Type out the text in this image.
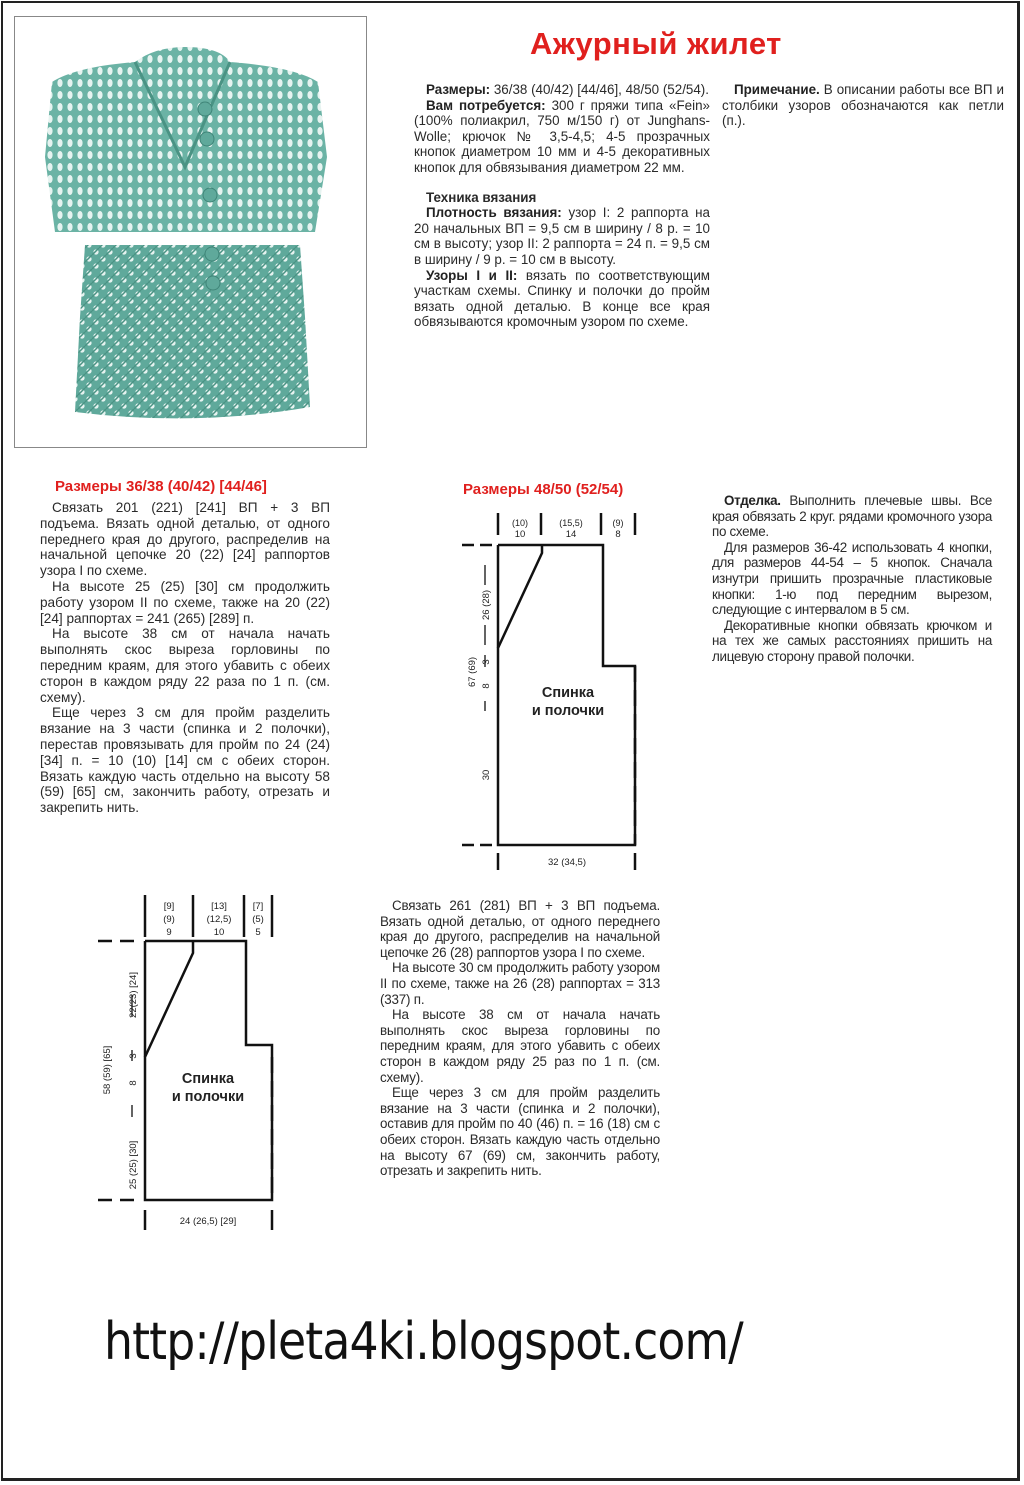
Ажурный жилет

Размеры: 36/38 (40/42) [44/46], 48/50 (52/54).

Вам потребуется: 300 г пряжи типа «Fein» (100% полиакрил, 750 м/150 г) от Junghans-Wolle; крючок № 3,5-4,5; 4-5 прозрачных кнопок диаметром 10 мм и 4-5 декоративных кнопок для обвязывания диаметром 22 мм.

Техника вязания

Плотность вязания: узор I: 2 раппорта на 20 начальных ВП = 9,5 см в ширину / 8 р. = 10 см в высоту; узор II: 2 раппорта = 24 п. = 9,5 см в ширину / 9 р. = 10 см в высоту.

Узоры I и II: вязать по соответствующим участкам схемы. Спинку и полочки до пройм вязать одной деталью. В конце все края обвязываются кромочным узором по схеме.

Примечание. В описании работы все ВП и столбики узоров обозначаются как петли (п.).

Размеры 36/38 (40/42) [44/46]

Связать 201 (221) [241] ВП + 3 ВП подъема. Вязать одной деталью, от одного переднего края до другого, распределив на начальной цепочке 20 (22) [24] раппортов узора I по схеме.

На высоте 25 (25) [30] см продолжить работу узором II по схеме, также на 20 (22) [24] раппортах = 241 (265) [289] п.

На высоте 38 см от начала начать выполнять скос выреза горловины по передним краям, для этого убавить с обеих сторон в каждом ряду 22 раза по 1 п. (см. схему).

Еще через 3 см для пройм разделить вязание на 3 части (спинка и 2 полочки), перестав провязывать для пройм по 24 (24) [34] п. = 10 (10) [14] см с обеих сторон. Вязать каждую часть отдельно на высоту 58 (59) [65] см, закончить работу, отрезать и закрепить нить.

Размеры 48/50 (52/54)
(10)
10
(15,5)
14
(9)
8
26 (28)
3
67 (69) 8
30
Спинка
и полочки
32 (34,5)

Отделка. Выполнить плечевые швы. Все края обвязать 2 круг. рядами кромочного узора по схеме.

Для размеров 36-42 использовать 4 кнопки, для размеров 44-54 – 5 кнопок. Сначала изнутри пришить прозрачные пластиковые кнопки: 1-ю под передним вырезом, следующие с интервалом в 5 см.

Декоративные кнопки обвязать крючком и на тех же самых расстояниях пришить на лицевую сторону правой полочки.

[9]
(9)
9
[13]
(12,5)
10
[7]
(5)
5
22(23) [24]
3
58 (59) [65] 8
25 (25) [30]
Спинка
и полочки
24 (26,5) [29]

Связать 261 (281) ВП + 3 ВП подъема. Вязать одной деталью, от одного переднего края до другого, распределив на начальной цепочке 26 (28) раппортов узора I по схеме.

На высоте 30 см продолжить работу узором II по схеме, также на 26 (28) раппортах = 313 (337) п.

На высоте 38 см от начала начать выполнять скос выреза горловины по передним краям, для этого убавить с обеих сторон в каждом ряду 25 раз по 1 п. (см. схему).

Еще через 3 см для пройм разделить вязание на 3 части (спинка и 2 полочки), оставив для пройм по 40 (46) п. = 16 (18) см с обеих сторон. Вязать каждую часть отдельно на высоту 67 (69) см, закончить работу, отрезать и закрепить нить.

http://pleta4ki.blogspot.com/
